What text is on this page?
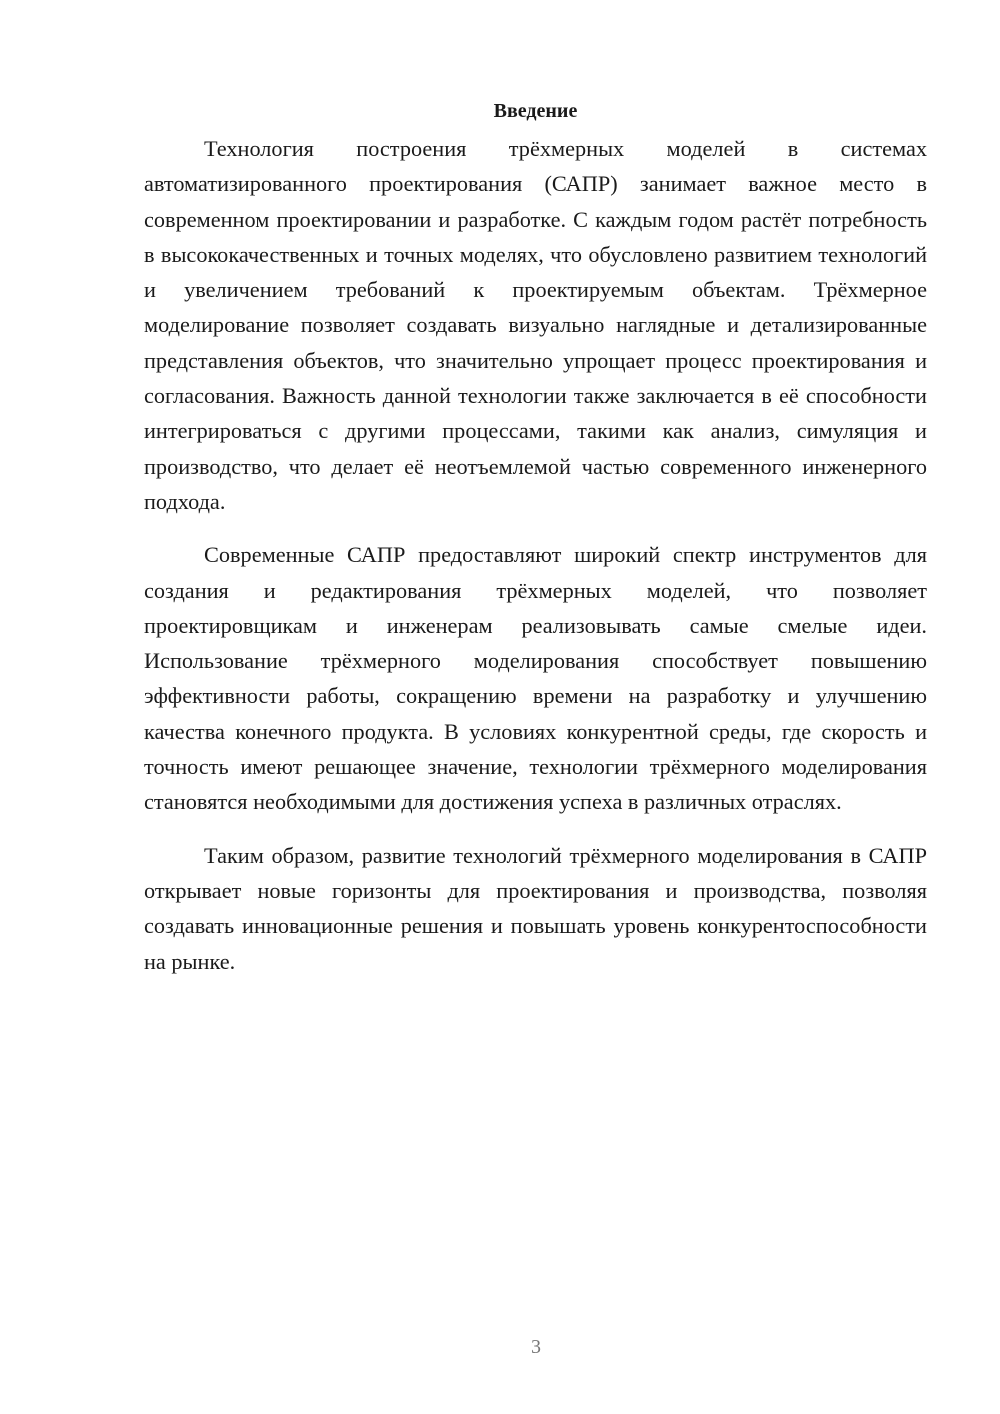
Введение

Технология построения трёхмерных моделей в системах автоматизированного проектирования (САПР) занимает важное место в современном проектировании и разработке. С каждым годом растёт потребность в высококачественных и точных моделях, что обусловлено развитием технологий и увеличением требований к проектируемым объектам. Трёхмерное моделирование позволяет создавать визуально наглядные и детализированные представления объектов, что значительно упрощает процесс проектирования и согласования. Важность данной технологии также заключается в её способности интегрироваться с другими процессами, такими как анализ, симуляция и производство, что делает её неотъемлемой частью современного инженерного подхода.

Современные САПР предоставляют широкий спектр инструментов для создания и редактирования трёхмерных моделей, что позволяет проектировщикам и инженерам реализовывать самые смелые идеи. Использование трёхмерного моделирования способствует повышению эффективности работы, сокращению времени на разработку и улучшению качества конечного продукта. В условиях конкурентной среды, где скорость и точность имеют решающее значение, технологии трёхмерного моделирования становятся необходимыми для достижения успеха в различных отраслях.

Таким образом, развитие технологий трёхмерного моделирования в САПР открывает новые горизонты для проектирования и производства, позволяя создавать инновационные решения и повышать уровень конкурентоспособности на рынке.

3
